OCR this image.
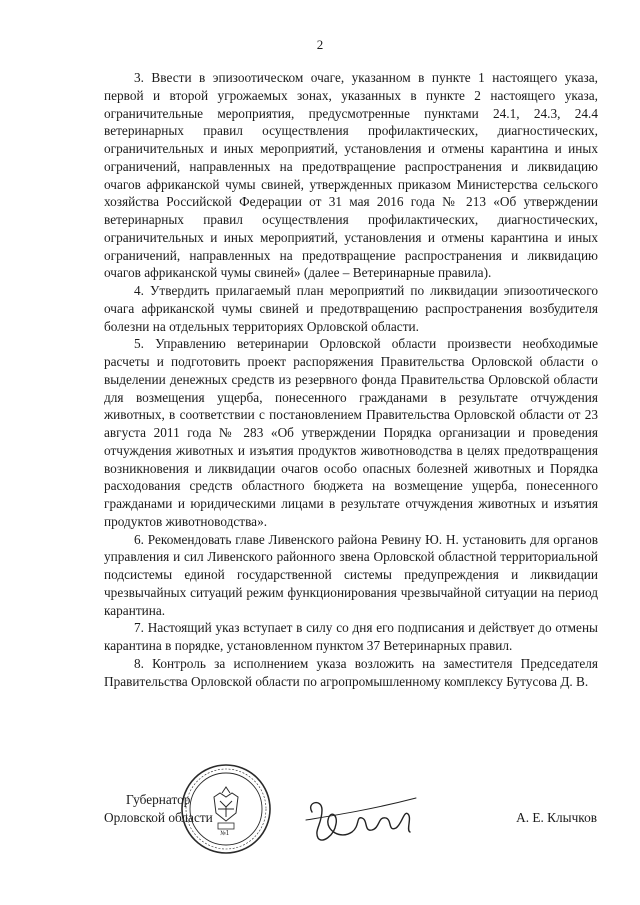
2

3. Ввести в эпизоотическом очаге, указанном в пункте 1 настоящего указа, первой и второй угрожаемых зонах, указанных в пункте 2 настоящего указа, ограничительные мероприятия, предусмотренные пунктами 24.1, 24.3, 24.4 ветеринарных правил осуществления профилактических, диагностических, ограничительных и иных мероприятий, установления и отмены карантина и иных ограничений, направленных на предотвращение распространения и ликвидацию очагов африканской чумы свиней, утвержденных приказом Министерства сельского хозяйства Российской Федерации от 31 мая 2016 года № 213 «Об утверждении ветеринарных правил осуществления профилактических, диагностических, ограничительных и иных мероприятий, установления и отмены карантина и иных ограничений, направленных на предотвращение распространения и ликвидацию очагов африканской чумы свиней» (далее – Ветеринарные правила).

4. Утвердить прилагаемый план мероприятий по ликвидации эпизоотического очага африканской чумы свиней и предотвращению распространения возбудителя болезни на отдельных территориях Орловской области.

5. Управлению ветеринарии Орловской области произвести необходимые расчеты и подготовить проект распоряжения Правительства Орловской области о выделении денежных средств из резервного фонда Правительства Орловской области для возмещения ущерба, понесенного гражданами в результате отчуждения животных, в соответствии с постановлением Правительства Орловской области от 23 августа 2011 года № 283 «Об утверждении Порядка организации и проведения отчуждения животных и изъятия продуктов животноводства в целях предотвращения возникновения и ликвидации очагов особо опасных болезней животных и Порядка расходования средств областного бюджета на возмещение ущерба, понесенного гражданами и юридическими лицами в результате отчуждения животных и изъятия продуктов животноводства».

6. Рекомендовать главе Ливенского района Ревину Ю. Н. установить для органов управления и сил Ливенского районного звена Орловской областной территориальной подсистемы единой государственной системы предупреждения и ликвидации чрезвычайных ситуаций режим функционирования чрезвычайной ситуации на период карантина.

7. Настоящий указ вступает в силу со дня его подписания и действует до отмены карантина в порядке, установленном пунктом 37 Ветеринарных правил.

8. Контроль за исполнением указа возложить на заместителя Председателя Правительства Орловской области по агропромышленному комплексу Бутусова Д. В.

№1
Губернатор
Орловской области	А. Е. Клычков
